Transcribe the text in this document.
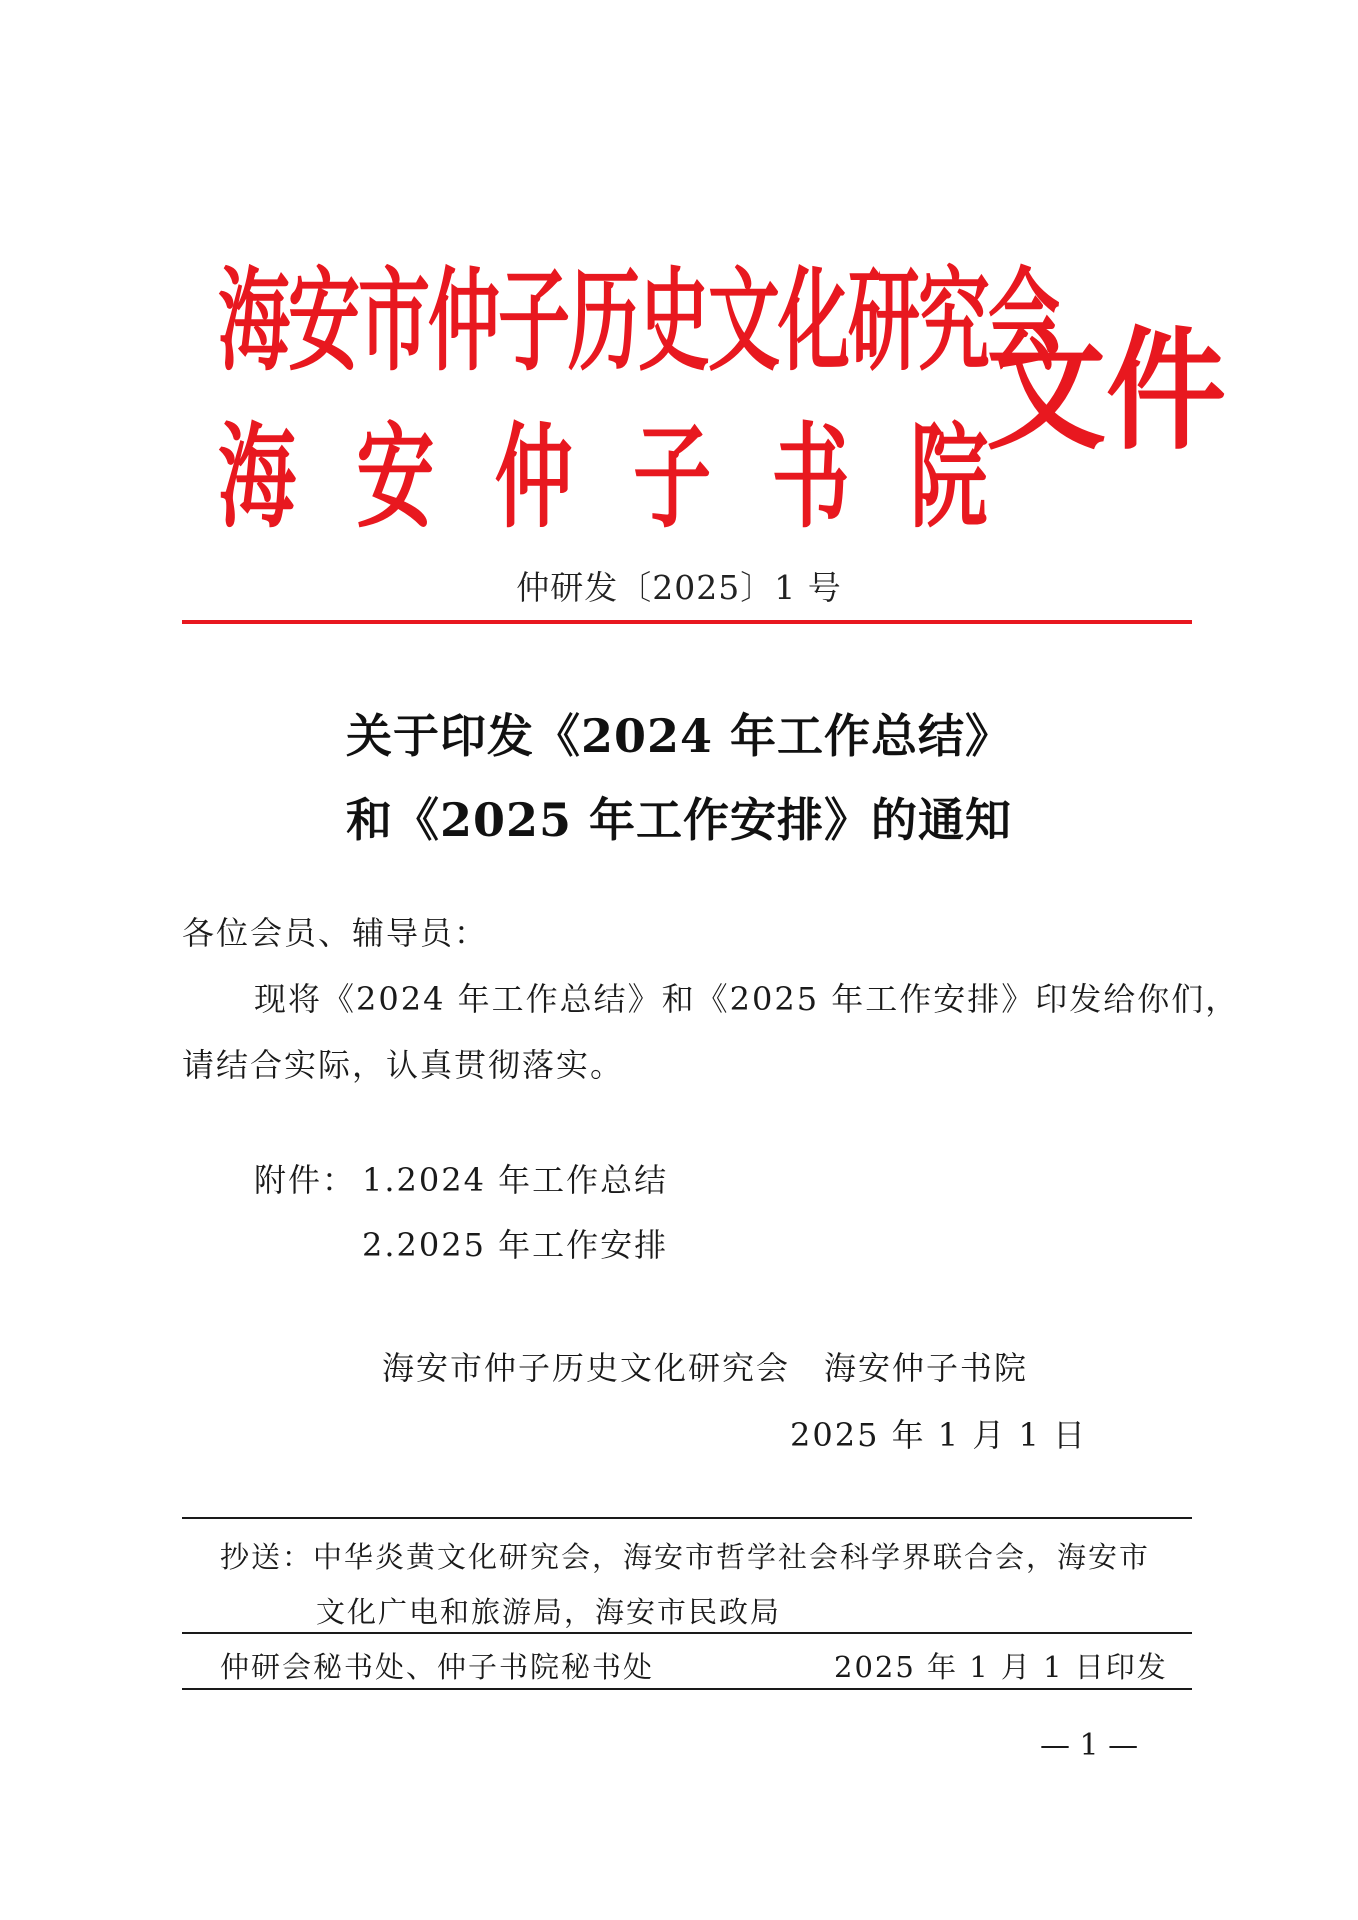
海安市仲子历史文化研究会
海 安 仲 子 书 院
文件
仲研发〔2025〕1 号
关于印发《2024 年工作总结》
和《2025 年工作安排》的通知
各位会员、辅导员：
现将《2024 年工作总结》和《2025 年工作安排》印发给你们，
请结合实际，认真贯彻落实。
附件： 1.2024 年工作总结
2.2025 年工作安排
海安市仲子历史文化研究会　海安仲子书院
2025 年 1 月 1 日
抄送：中华炎黄文化研究会，海安市哲学社会科学界联合会，海安市
文化广电和旅游局，海安市民政局
仲研会秘书处、仲子书院秘书处	2025 年 1 月 1 日印发
— 1 —
